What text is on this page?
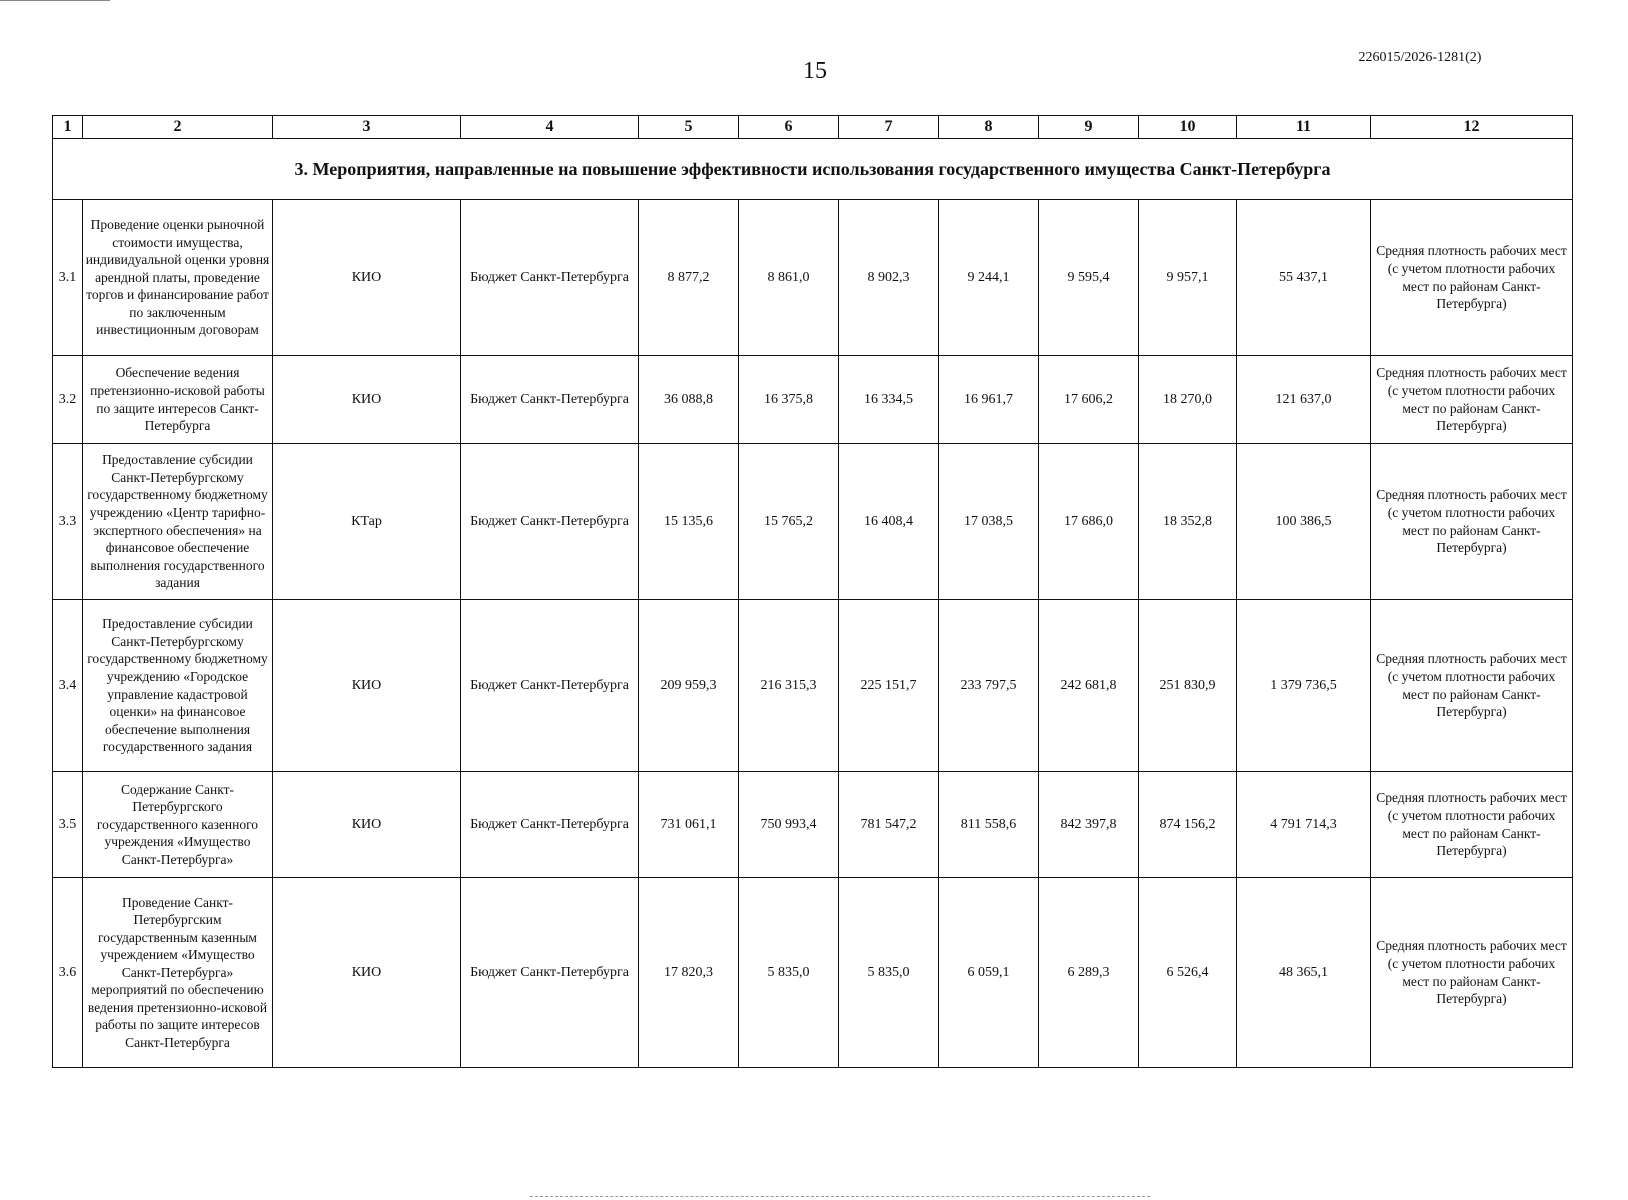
15
226015/2026-1281(2)
1	2	3	4	5	6	7	8	9	10	11	12
3. Мероприятия, направленные на повышение эффективности использования государственного имущества Санкт-Петербурга											
3.1	Проведение оценки рыночной стоимости имущества, индивидуальной оценки уровня арендной платы, проведение торгов и финансирование работ по заключенным инвестиционным договорам	КИО	Бюджет Санкт-Петербурга	8 877,2	8 861,0	8 902,3	9 244,1	9 595,4	9 957,1	55 437,1	Средняя плотность рабочих мест (с учетом плотности рабочих мест по районам Санкт-Петербурга)
3.2	Обеспечение ведения претензионно-исковой работы по защите интересов Санкт-Петербурга	КИО	Бюджет Санкт-Петербурга	36 088,8	16 375,8	16 334,5	16 961,7	17 606,2	18 270,0	121 637,0	Средняя плотность рабочих мест (с учетом плотности рабочих мест по районам Санкт-Петербурга)
3.3	Предоставление субсидии Санкт-Петербургскому государственному бюджетному учреждению «Центр тарифно-экспертного обеспечения» на финансовое обеспечение выполнения государственного задания	КТар	Бюджет Санкт-Петербурга	15 135,6	15 765,2	16 408,4	17 038,5	17 686,0	18 352,8	100 386,5	Средняя плотность рабочих мест (с учетом плотности рабочих мест по районам Санкт-Петербурга)
3.4	Предоставление субсидии Санкт-Петербургскому государственному бюджетному учреждению «Городское управление кадастровой оценки» на финансовое обеспечение выполнения государственного задания	КИО	Бюджет Санкт-Петербурга	209 959,3	216 315,3	225 151,7	233 797,5	242 681,8	251 830,9	1 379 736,5	Средняя плотность рабочих мест (с учетом плотности рабочих мест по районам Санкт-Петербурга)
3.5	Содержание Санкт-Петербургского государственного казенного учреждения «Имущество Санкт-Петербурга»	КИО	Бюджет Санкт-Петербурга	731 061,1	750 993,4	781 547,2	811 558,6	842 397,8	874 156,2	4 791 714,3	Средняя плотность рабочих мест (с учетом плотности рабочих мест по районам Санкт-Петербурга)
3.6	Проведение Санкт-Петербургским государственным казенным учреждением «Имущество Санкт-Петербурга» мероприятий по обеспечению ведения претензионно-исковой работы по защите интересов Санкт-Петербурга	КИО	Бюджет Санкт-Петербурга	17 820,3	5 835,0	5 835,0	6 059,1	6 289,3	6 526,4	48 365,1	Средняя плотность рабочих мест (с учетом плотности рабочих мест по районам Санкт-Петербурга)
